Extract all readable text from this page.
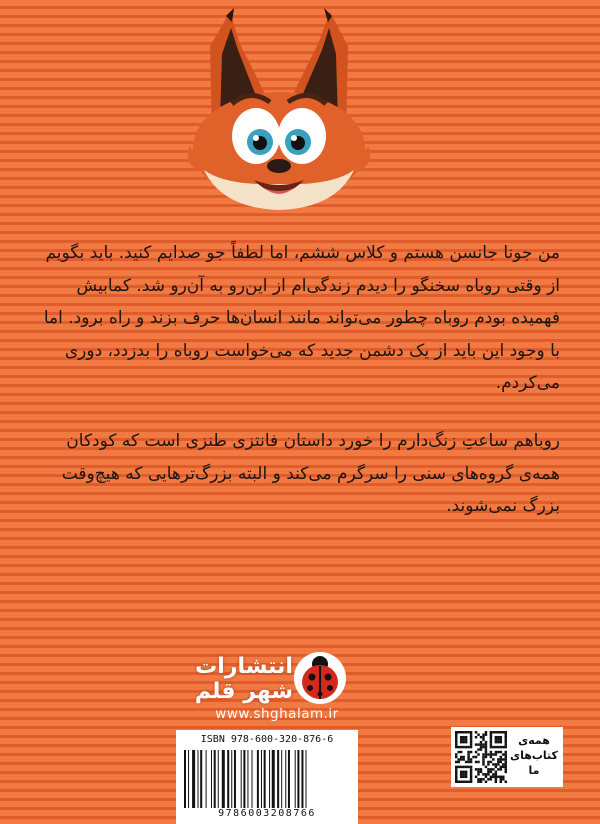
من جونا جانسن هستم و کلاس ششم، اما لطفاً جو صدایم کنید. باید بگویم از وقتی روباه سخنگو را دیدم زندگی‌ام از این‌رو به آن‌رو شد. کمابیش فهمیده بودم روباه چطور می‌تواند مانند انسان‌ها حرف بزند و راه برود. اما با وجود این باید از یک دشمن جدید که می‌خواست روباه را بدزدد، دوری می‌کردم.

روباهم ساعتِ زنگ‌دارم را خورد داستان فانتزی طنزی است که کودکان همه‌ی گروه‌های سنی را سرگرم می‌کند و البته بزرگ‌ترهایی که هیچ‌وقت بزرگ نمی‌شوند.

انتشارات شهر قلم
www.shghalam.ir
ISBN 978-600-320-876-6
9786003208766
همه‌ی کتاب‌های ما
